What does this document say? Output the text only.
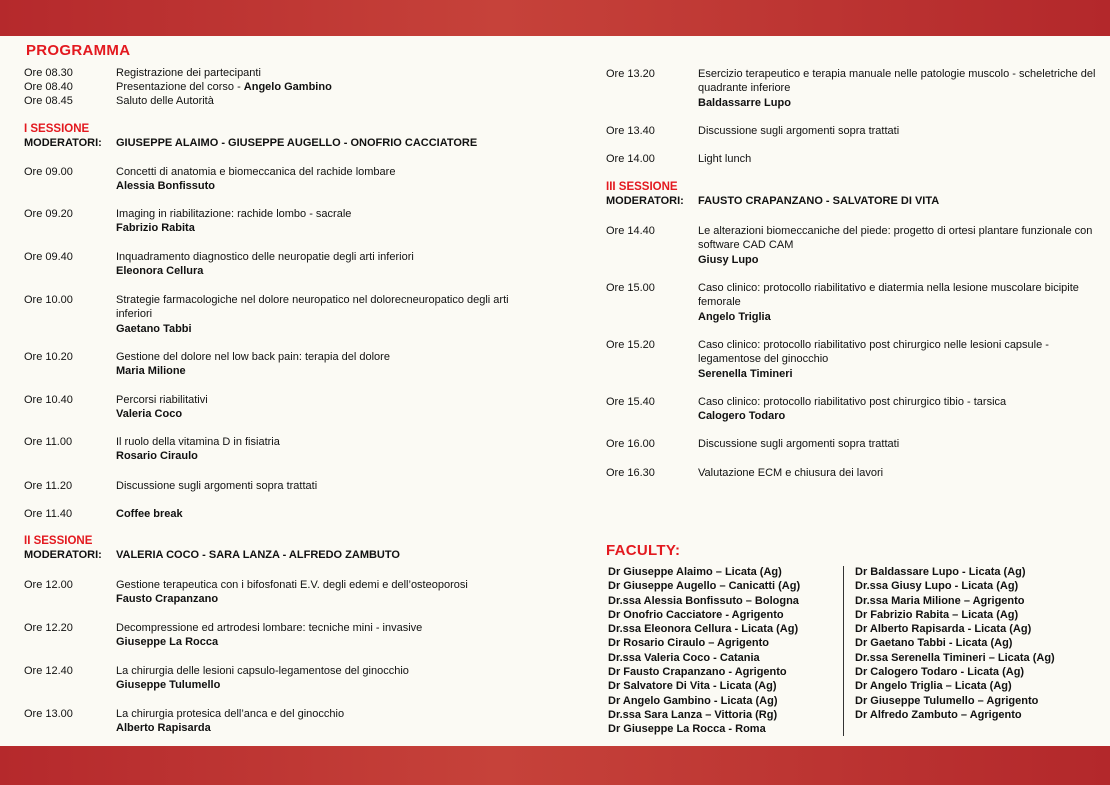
PROGRAMMA
Ore 08.30	Registrazione dei partecipanti
Ore 08.40	Presentazione del corso - Angelo Gambino
Ore 08.45	Saluto delle Autorità
I SESSIONE
MODERATORI: GIUSEPPE ALAIMO - GIUSEPPE AUGELLO - ONOFRIO CACCIATORE
Ore 09.00	Concetti di anatomia e biomeccanica del rachide lombare
Alessia Bonfissuto
Ore 09.20	Imaging in riabilitazione: rachide lombo - sacrale
Fabrizio Rabita
Ore 09.40	Inquadramento diagnostico delle neuropatie degli arti inferiori
Eleonora Cellura
Ore 10.00	Strategie farmacologiche nel dolore neuropatico nel dolorecneuropatico degli arti inferiori
Gaetano Tabbi
Ore 10.20	Gestione del dolore nel low back pain: terapia del dolore
Maria Milione
Ore 10.40	Percorsi riabilitativi
Valeria Coco
Ore 11.00	Il ruolo della vitamina D in fisiatria
Rosario Ciraulo
Ore 11.20	Discussione sugli argomenti sopra trattati
Ore 11.40	Coffee break
II SESSIONE
MODERATORI: VALERIA COCO - SARA LANZA - ALFREDO ZAMBUTO
Ore 12.00	Gestione terapeutica con i bifosfonati E.V. degli edemi e dell’osteoporosi
Fausto Crapanzano
Ore 12.20	Decompressione ed artrodesi lombare: tecniche mini - invasive
Giuseppe La Rocca
Ore 12.40	La chirurgia delle lesioni capsulo-legamentose del ginocchio
Giuseppe Tulumello
Ore 13.00	La chirurgia protesica dell’anca e del ginocchio
Alberto Rapisarda
Ore 13.20	Esercizio terapeutico e terapia manuale nelle patologie muscolo - scheletriche del quadrante inferiore
Baldassarre Lupo
Ore 13.40	Discussione sugli argomenti sopra trattati
Ore 14.00	Light lunch
III SESSIONE
MODERATORI: FAUSTO CRAPANZANO - SALVATORE DI VITA
Ore 14.40	Le alterazioni biomeccaniche del piede: progetto di ortesi plantare funzionale con software CAD CAM
Giusy Lupo
Ore 15.00	Caso clinico: protocollo riabilitativo e diatermia nella lesione muscolare bicipite femorale
Angelo Triglia
Ore 15.20	Caso clinico: protocollo riabilitativo post chirurgico nelle lesioni capsule - legamentose del ginocchio
Serenella Timineri
Ore 15.40	Caso clinico: protocollo riabilitativo post chirurgico tibio - tarsica
Calogero Todaro
Ore 16.00	Discussione sugli argomenti sopra trattati
Ore 16.30	Valutazione ECM e chiusura dei lavori
FACULTY:
Dr Giuseppe Alaimo – Licata (Ag)
Dr Giuseppe Augello – Canicatti (Ag)
Dr.ssa Alessia Bonfissuto – Bologna
Dr Onofrio Cacciatore - Agrigento
Dr.ssa Eleonora Cellura - Licata (Ag)
Dr Rosario Ciraulo – Agrigento
Dr.ssa Valeria Coco - Catania
Dr Fausto Crapanzano - Agrigento
Dr Salvatore Di Vita - Licata (Ag)
Dr Angelo Gambino - Licata (Ag)
Dr.ssa Sara Lanza – Vittoria (Rg)
Dr Giuseppe La Rocca - Roma
Dr Baldassare Lupo - Licata (Ag)
Dr.ssa Giusy Lupo - Licata (Ag)
Dr.ssa Maria Milione – Agrigento
Dr Fabrizio Rabita – Licata (Ag)
Dr Alberto Rapisarda - Licata (Ag)
Dr Gaetano Tabbi - Licata (Ag)
Dr.ssa Serenella Timineri – Licata (Ag)
Dr Calogero Todaro - Licata (Ag)
Dr Angelo Triglia – Licata (Ag)
Dr Giuseppe Tulumello – Agrigento
Dr Alfredo Zambuto – Agrigento
